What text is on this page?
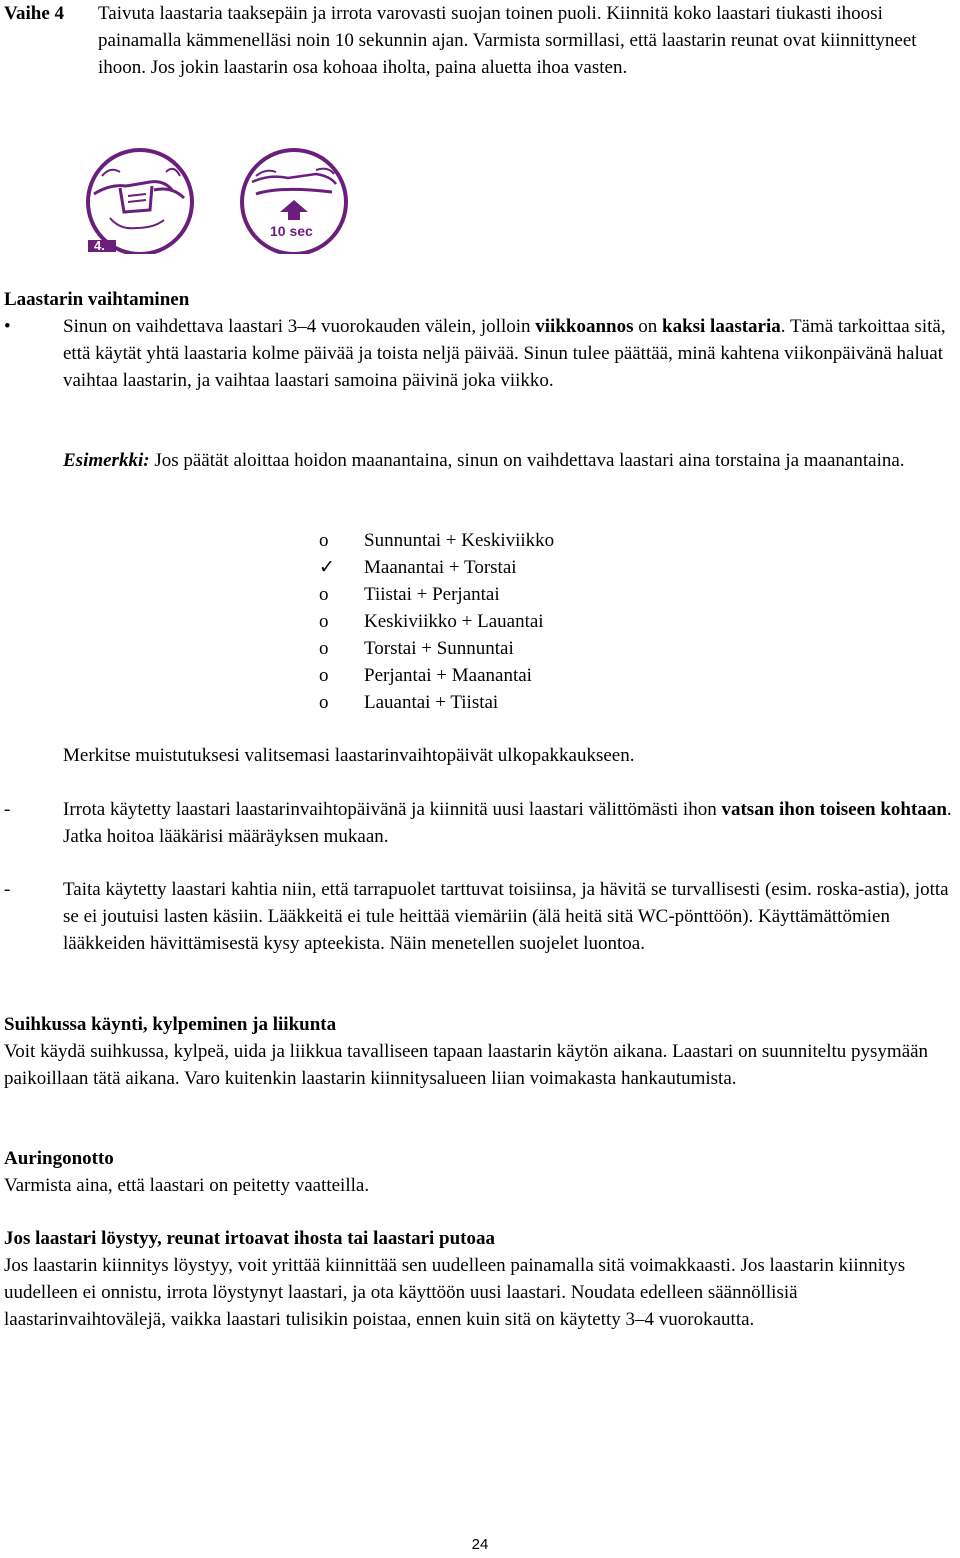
Vaihe 4 Taivuta laastaria taaksepäin ja irrota varovasti suojan toinen puoli. Kiinnitä koko laastari tiukasti ihoosi painamalla kämmenelläsi noin 10 sekunnin ajan. Varmista sormillasi, että laastarin reunat ovat kiinnittyneet ihoon. Jos jokin laastarin osa kohoaa iholta, paina aluetta ihoa vasten.
4.
10 sec
Laastarin vaihtaminen
•	Sinun on vaihdettava laastari 3–4 vuorokauden välein, jolloin viikkoannos on kaksi laastaria. Tämä tarkoittaa sitä, että käytät yhtä laastaria kolme päivää ja toista neljä päivää. Sinun tulee päättää, minä kahtena viikonpäivänä haluat vaihtaa laastarin, ja vaihtaa laastari samoina päivinä joka viikko.
Esimerkki: Jos päätät aloittaa hoidon maanantaina, sinun on vaihdettava laastari aina torstaina ja maanantaina.
o	Sunnuntai + Keskiviikko
✓	Maanantai + Torstai
o	Tiistai + Perjantai
o	Keskiviikko + Lauantai
o	Torstai + Sunnuntai
o	Perjantai + Maanantai
o	Lauantai + Tiistai
Merkitse muistutuksesi valitsemasi laastarinvaihtopäivät ulkopakkaukseen.
-	Irrota käytetty laastari laastarinvaihtopäivänä ja kiinnitä uusi laastari välittömästi ihon vatsan ihon toiseen kohtaan. Jatka hoitoa lääkärisi määräyksen mukaan.
-	Taita käytetty laastari kahtia niin, että tarrapuolet tarttuvat toisiinsa, ja hävitä se turvallisesti (esim. roska-astia), jotta se ei joutuisi lasten käsiin. Lääkkeitä ei tule heittää viemäriin (älä heitä sitä WC-pönttöön). Käyttämättömien lääkkeiden hävittämisestä kysy apteekista. Näin menetellen suojelet luontoa.
Suihkussa käynti, kylpeminen ja liikunta
Voit käydä suihkussa, kylpeä, uida ja liikkua tavalliseen tapaan laastarin käytön aikana. Laastari on suunniteltu pysymään paikoillaan tätä aikana. Varo kuitenkin laastarin kiinnitysalueen liian voimakasta hankautumista.
Auringonotto
Varmista aina, että laastari on peitetty vaatteilla.
Jos laastari löystyy, reunat irtoavat ihosta tai laastari putoaa
Jos laastarin kiinnitys löystyy, voit yrittää kiinnittää sen uudelleen painamalla sitä voimakkaasti. Jos laastarin kiinnitys uudelleen ei onnistu, irrota löystynyt laastari, ja ota käyttöön uusi laastari. Noudata edelleen säännöllisiä laastarinvaihtovälejä, vaikka laastari tulisikin poistaa, ennen kuin sitä on käytetty 3–4 vuorokautta.
24
